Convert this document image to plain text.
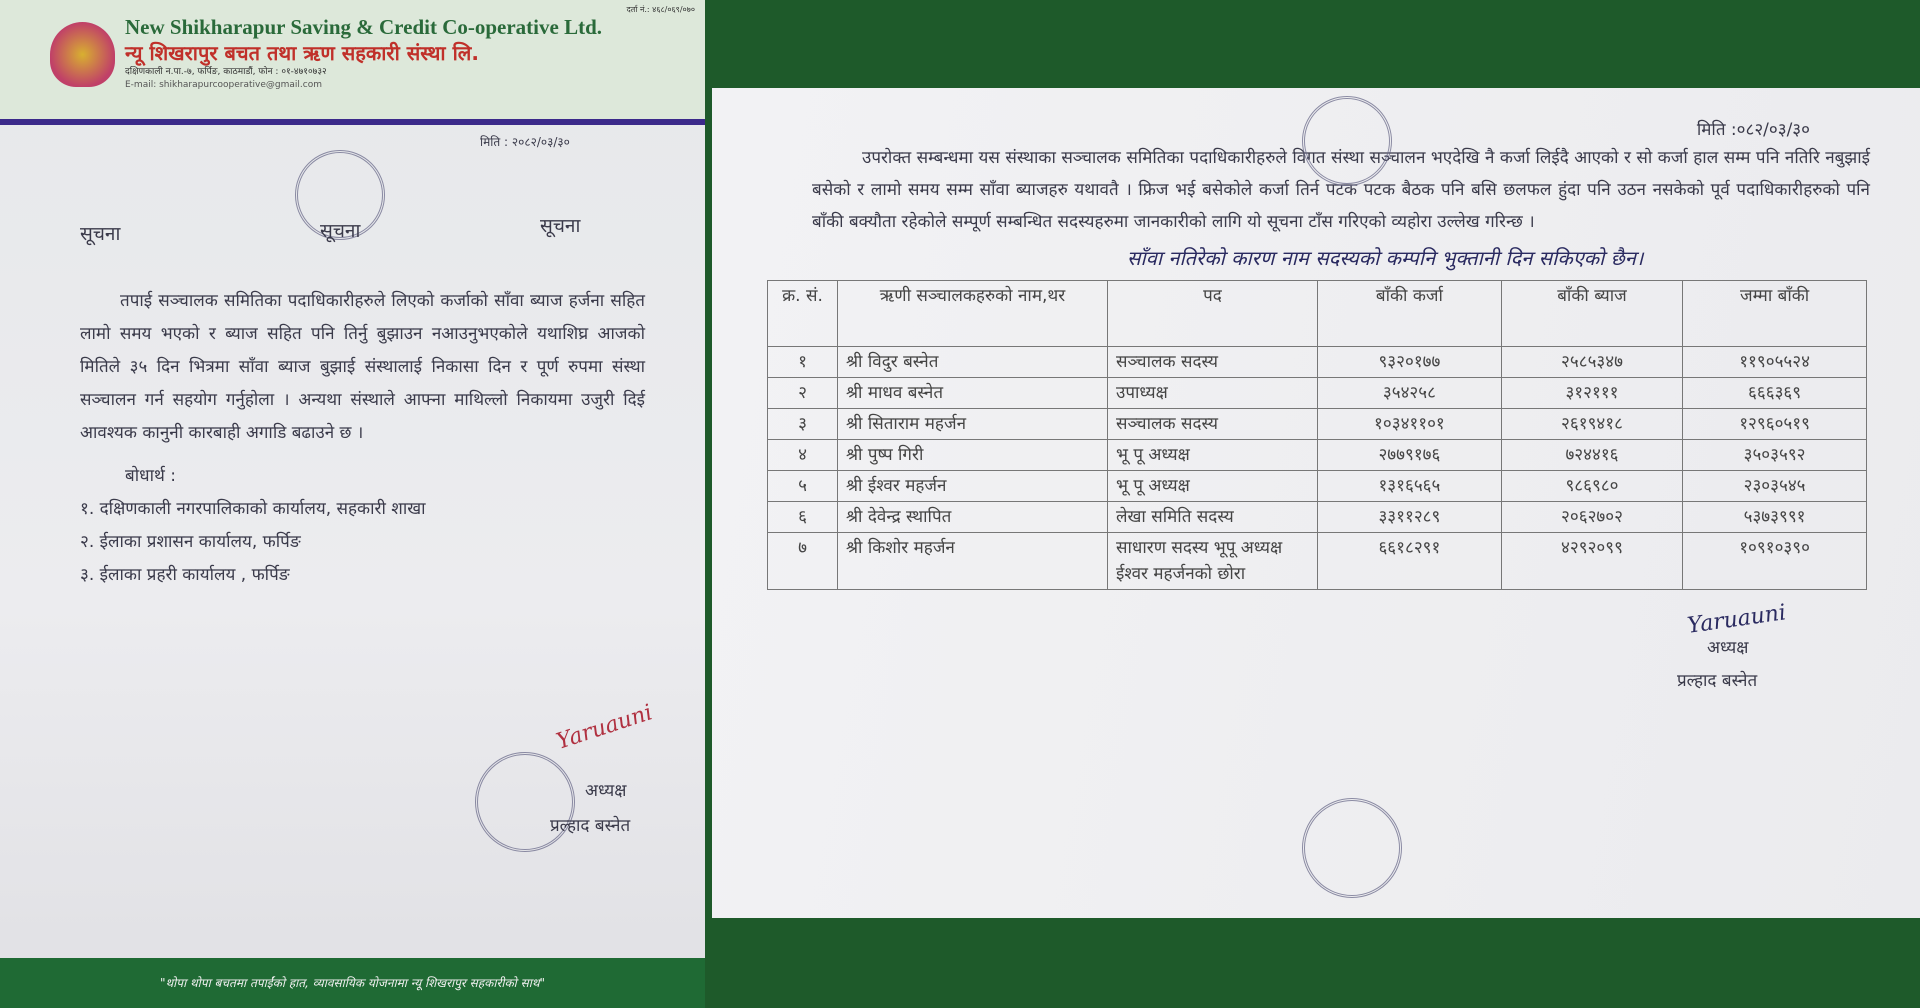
दर्ता नं.: ४६८/०६९/०७०
New Shikharapur Saving & Credit Co-operative Ltd.
न्यू शिखरापुर बचत तथा ऋण सहकारी संस्था लि.
दक्षिणकाली न.पा.-७, फर्पिङ, काठमाडौं, फोन : ०१-४७१०७३२
E-mail: shikharapurcooperative@gmail.com
मिति : २०८२/०३/३०
सूचना	सूचना	सूचना
तपाई सञ्चालक समितिका पदाधिकारीहरुले लिएको कर्जाको साँवा ब्याज हर्जना सहित लामो समय भएको र ब्याज सहित पनि तिर्नु बुझाउन नआउनुभएकोले यथाशिघ्र आजको मितिले ३५ दिन भित्रमा साँवा ब्याज बुझाई संस्थालाई निकासा दिन र पूर्ण रुपमा संस्था सञ्चालन गर्न सहयोग गर्नुहोला । अन्यथा संस्थाले आफ्ना माथिल्लो निकायमा उजुरी दिई आवश्यक कानुनी कारबाही अगाडि बढाउने छ ।
बोधार्थ :
१. दक्षिणकाली नगरपालिकाको कार्यालय, सहकारी शाखा
२. ईलाका प्रशासन कार्यालय, फर्पिङ
३. ईलाका प्रहरी कार्यालय , फर्पिङ
Yaruauni
अध्यक्ष
प्रल्हाद बस्नेत
"थोपा थोपा बचतमा तपाईंको हात, व्यावसायिक योजनामा न्यू शिखरापुर सहकारीको साथ"
मिति :०८२/०३/३०
उपरोक्त सम्बन्धमा यस संस्थाका सञ्चालक समितिका पदाधिकारीहरुले विगत संस्था सञ्चालन भएदेखि नै कर्जा लिईदै आएको र सो कर्जा हाल सम्म पनि नतिरि नबुझाई बसेको र लामो समय सम्म साँवा ब्याजहरु यथावतै । फ्रिज भई बसेकोले कर्जा तिर्न पटक पटक बैठक पनि बसि छलफल हुंदा पनि उठन नसकेको पूर्व पदाधिकारीहरुको पनि बाँकी बक्यौता रहेकोले सम्पूर्ण सम्बन्धित सदस्यहरुमा जानकारीको लागि यो सूचना टाँस गरिएको व्यहोरा उल्लेख गरिन्छ ।
साँवा नतिरेको कारण नाम सदस्यको कम्पनि भुक्तानी दिन सकिएको छैन।
क्र. सं.	ऋणी सञ्चालकहरुको नाम,थर	पद	बाँकी कर्जा	बाँकी ब्याज	जम्मा बाँकी
१	श्री विदुर बस्नेत	सञ्चालक सदस्य	९३२०१७७	२५८५३४७	११९०५५२४
२	श्री माधव बस्नेत	उपाध्यक्ष	३५४२५८	३१२१११	६६६३६९
३	श्री सिताराम महर्जन	सञ्चालक सदस्य	१०३४११०१	२६१९४१८	१२९६०५१९
४	श्री पुष्प गिरी	भू पू अध्यक्ष	२७७९१७६	७२४४१६	३५०३५९२
५	श्री ईश्वर महर्जन	भू पू अध्यक्ष	१३१६५६५	९८६९८०	२३०३५४५
६	श्री देवेन्द्र स्थापित	लेखा समिति सदस्य	३३११२८९	२०६२७०२	५३७३९९१
७	श्री किशोर महर्जन	साधारण सदस्य भूपू अध्यक्ष ईश्वर महर्जनको छोरा	६६१८२९१	४२९२०९९	१०९१०३९०
Yaruauni
अध्यक्ष
प्रल्हाद बस्नेत
